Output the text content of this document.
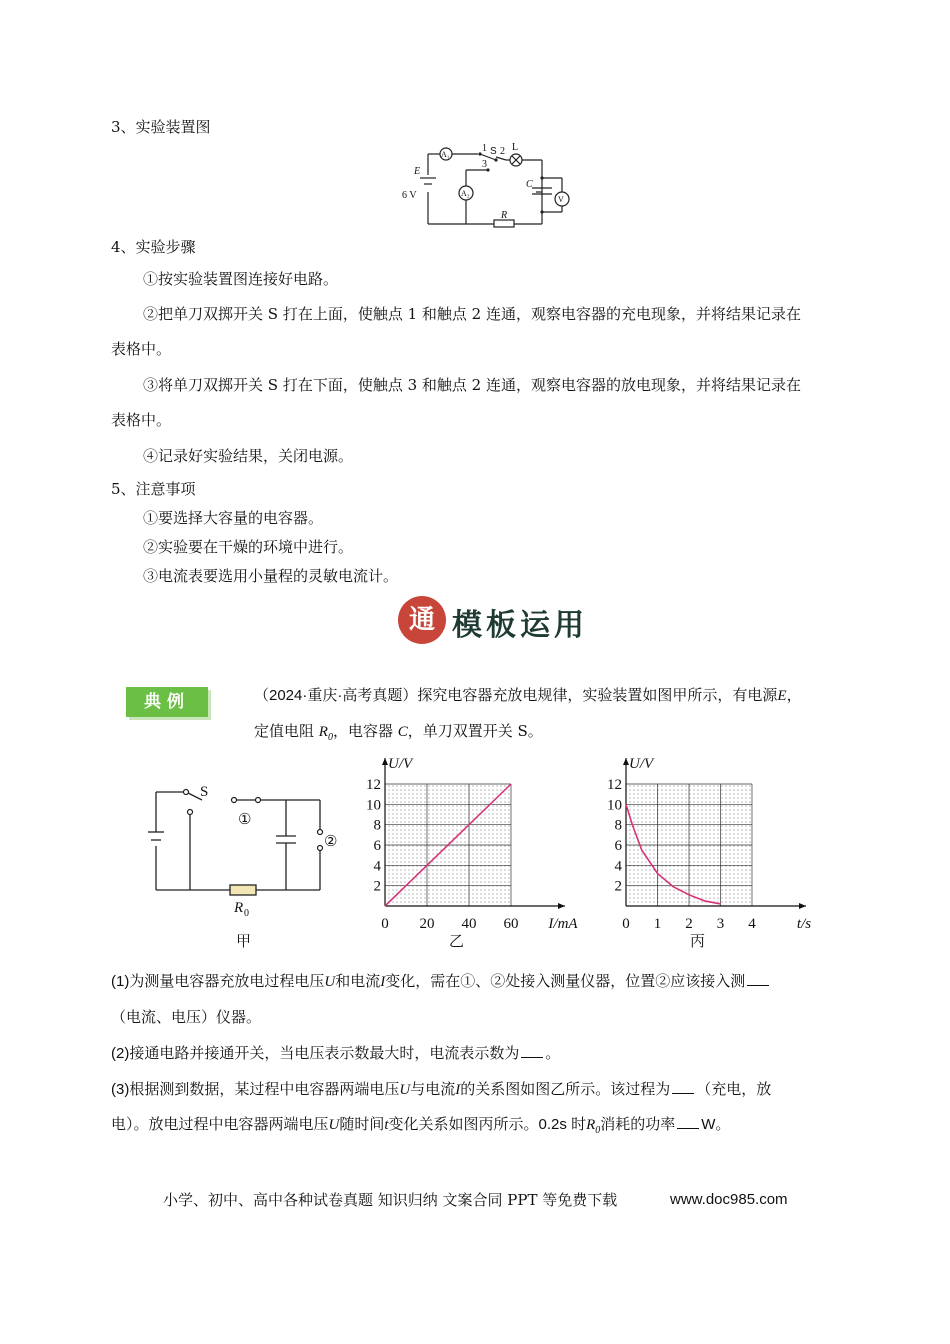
3、实验装置图
A₁
A₂
1
3
S 2 L
C
V
E
6 V
R
4、实验步骤
①按实验装置图连接好电路。
②把单刀双掷开关 S 打在上面，使触点 1 和触点 2 连通，观察电容器的充电现象，并将结果记录在
表格中。
③将单刀双掷开关 S 打在下面，使触点 3 和触点 2 连通，观察电容器的放电现象，并将结果记录在
表格中。
④记录好实验结果，关闭电源。
5、注意事项
①要选择大容量的电容器。
②实验要在干燥的环境中进行。
③电流表要选用小量程的灵敏电流计。
通 模板运用
典例	（2024·重庆·高考真题）探究电容器充放电规律，实验装置如图甲所示，有电源E，
定值电阻 $R_0$，电容器 C，单刀双置开关 S。
S
①
②
R 0
甲
2
4
6
8
10
12
0 20 40 60
U/V
I/mA
乙
2
4
6
8
10
12
0 1 2 3 4
U/V
t/s
丙
(1)为测量电容器充放电过程电压U和电流I变化，需在①、②处接入测量仪器，位置②应该接入测
（电流、电压）仪器。
(2)接通电路并接通开关，当电压表示数最大时，电流表示数为 。
(3)根据测到数据，某过程中电容器两端电压U与电流I的关系图如图乙所示。该过程为 （充电，放
电）。放电过程中电容器两端电压U随时间t变化关系如图丙所示。0.2s 时$R_0$消耗的功率 W。
小学、初中、高中各种试卷真题 知识归纳 文案合同 PPT 等免费下载	www.doc985.com
